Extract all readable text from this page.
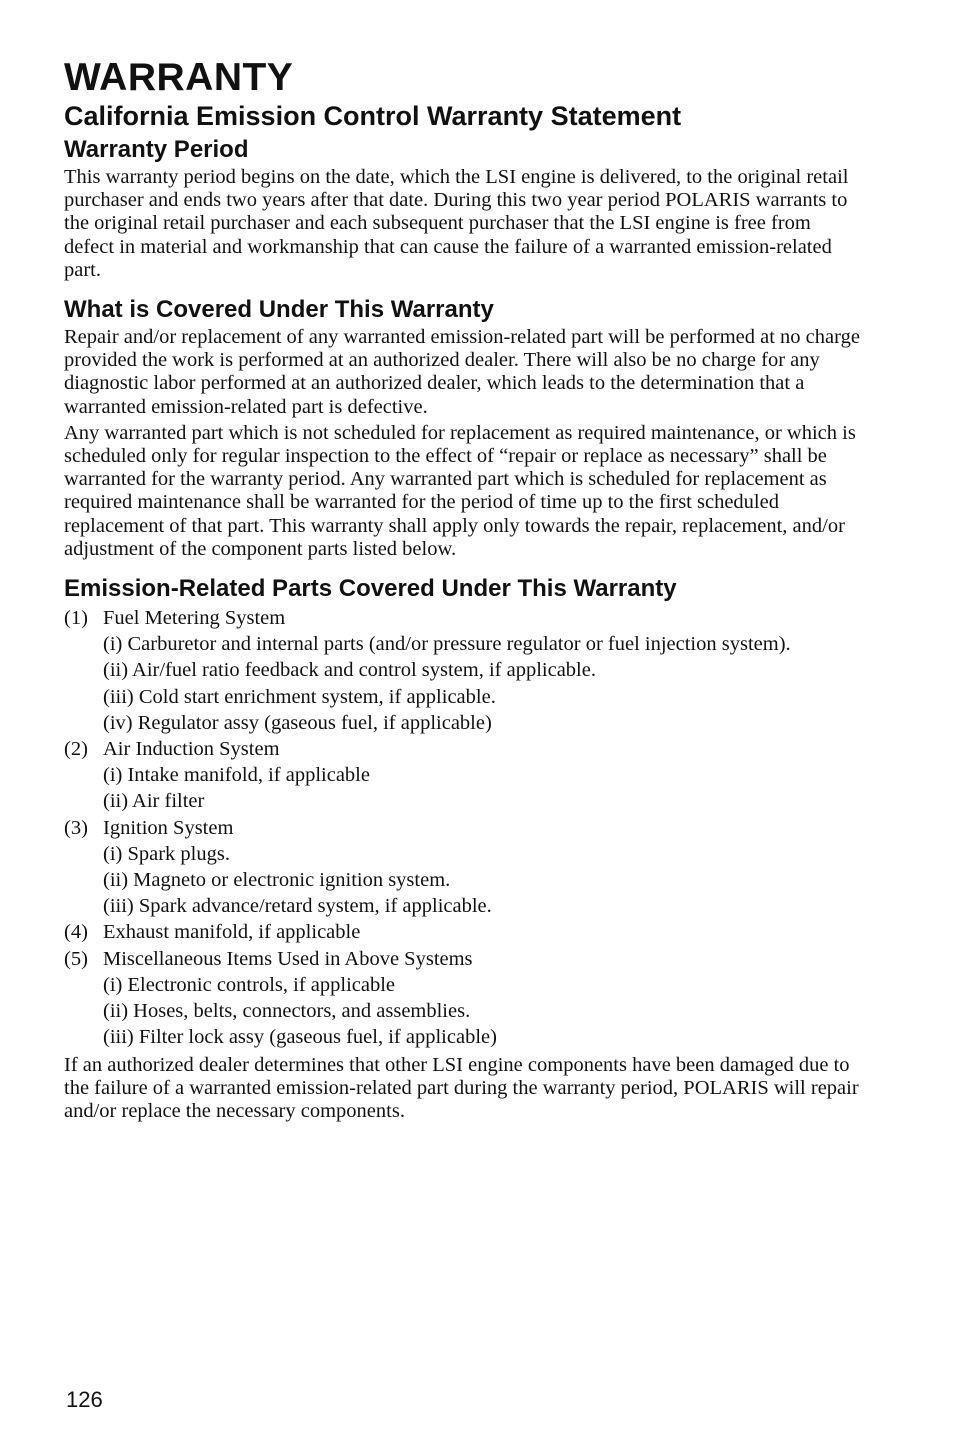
WARRANTY
California Emission Control Warranty Statement
Warranty Period

This warranty period begins on the date, which the LSI engine is delivered, to the original retail purchaser and ends two years after that date. During this two year period POLARIS warrants to the original retail purchaser and each subsequent purchaser that the LSI engine is free from defect in material and workmanship that can cause the failure of a warranted emission-related part.

What is Covered Under This Warranty

Repair and/or replacement of any warranted emission-related part will be performed at no charge provided the work is performed at an authorized dealer. There will also be no charge for any diagnostic labor performed at an authorized dealer, which leads to the determination that a warranted emission-related part is defective.

Any warranted part which is not scheduled for replacement as required maintenance, or which is scheduled only for regular inspection to the effect of “repair or replace as necessary” shall be warranted for the warranty period. Any warranted part which is scheduled for replacement as required maintenance shall be warranted for the period of time up to the first scheduled replacement of that part. This warranty shall apply only towards the repair, replacement, and/or adjustment of the component parts listed below.

Emission-Related Parts Covered Under This Warranty
(1) Fuel Metering System
(i) Carburetor and internal parts (and/or pressure regulator or fuel injection system).
(ii) Air/fuel ratio feedback and control system, if applicable.
(iii) Cold start enrichment system, if applicable.
(iv) Regulator assy (gaseous fuel, if applicable)
(2) Air Induction System
(i) Intake manifold, if applicable
(ii) Air filter
(3) Ignition System
(i) Spark plugs.
(ii) Magneto or electronic ignition system.
(iii) Spark advance/retard system, if applicable.
(4) Exhaust manifold, if applicable
(5) Miscellaneous Items Used in Above Systems
(i) Electronic controls, if applicable
(ii) Hoses, belts, connectors, and assemblies.
(iii) Filter lock assy (gaseous fuel, if applicable)

If an authorized dealer determines that other LSI engine components have been damaged due to the failure of a warranted emission-related part during the warranty period, POLARIS will repair and/or replace the necessary components.

126
